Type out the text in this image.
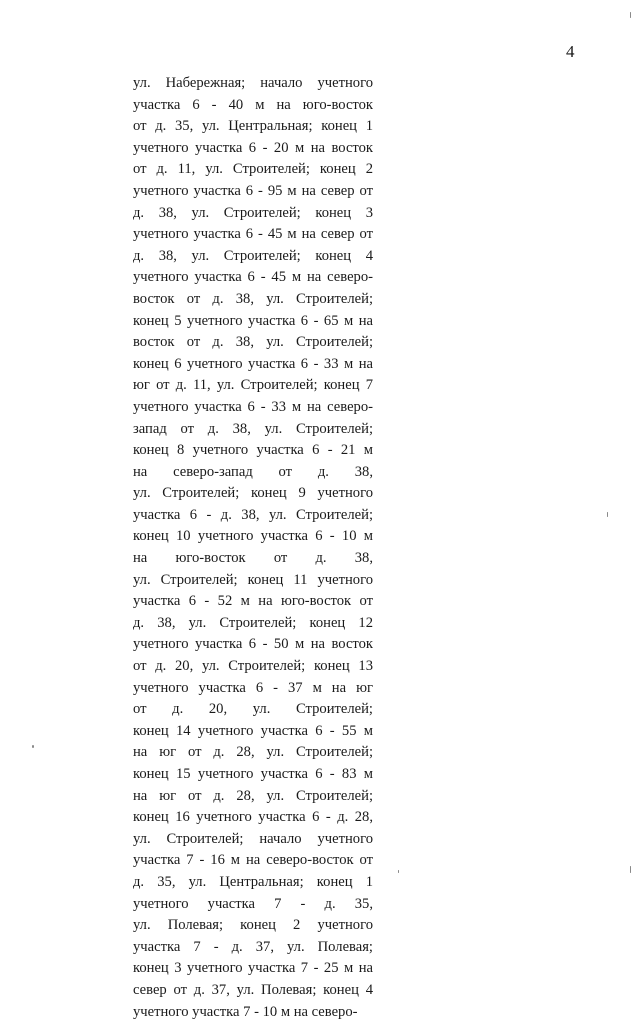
4
ул. Набережная; начало учетного
участка 6 - 40 м на юго-восток
от д. 35, ул. Центральная; конец 1
учетного участка 6 - 20 м на восток
от д. 11, ул. Строителей; конец 2
учетного участка 6 - 95 м на север от
д. 38, ул. Строителей; конец 3
учетного участка 6 - 45 м на север от
д. 38, ул. Строителей; конец 4
учетного участка 6 - 45 м на северо-
восток от д. 38, ул. Строителей;
конец 5 учетного участка 6 - 65 м на
восток от д. 38, ул. Строителей;
конец 6 учетного участка 6 - 33 м на
юг от д. 11, ул. Строителей; конец 7
учетного участка 6 - 33 м на северо-
запад от д. 38, ул. Строителей;
конец 8 учетного участка 6 - 21 м
на северо-запад от д. 38,
ул. Строителей; конец 9 учетного
участка 6 - д. 38, ул. Строителей;
конец 10 учетного участка 6 - 10 м
на юго-восток от д. 38,
ул. Строителей; конец 11 учетного
участка 6 - 52 м на юго-восток от
д. 38, ул. Строителей; конец 12
учетного участка 6 - 50 м на восток
от д. 20, ул. Строителей; конец 13
учетного участка 6 - 37 м на юг
от д. 20, ул. Строителей;
конец 14 учетного участка 6 - 55 м
на юг от д. 28, ул. Строителей;
конец 15 учетного участка 6 - 83 м
на юг от д. 28, ул. Строителей;
конец 16 учетного участка 6 - д. 28,
ул. Строителей; начало учетного
участка 7 - 16 м на северо-восток от
д. 35, ул. Центральная; конец 1
учетного участка 7 - д. 35,
ул. Полевая; конец 2 учетного
участка 7 - д. 37, ул. Полевая;
конец 3 учетного участка 7 - 25 м на
север от д. 37, ул. Полевая; конец 4
учетного участка 7 - 10 м на северо-
